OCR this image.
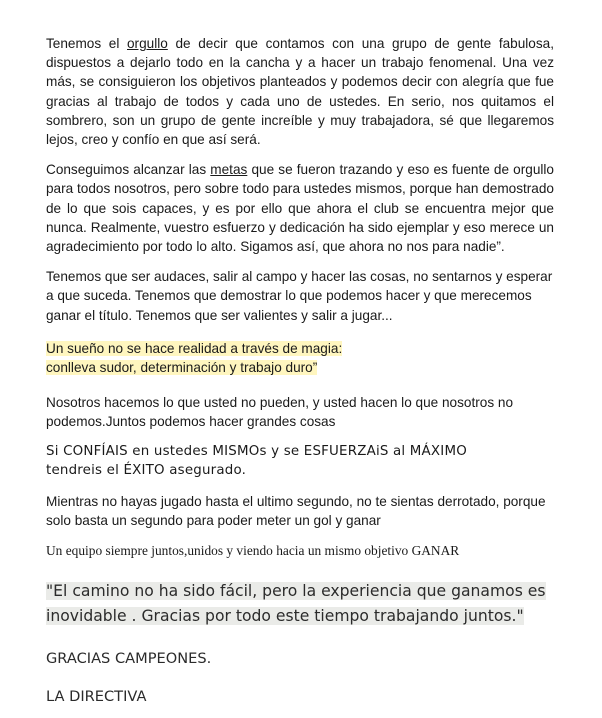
Tenemos el orgullo de decir que contamos con una grupo de gente fabulosa, dispuestos a dejarlo todo en la cancha y a hacer un trabajo fenomenal. Una vez más, se consiguieron los objetivos planteados y podemos decir con alegría que fue gracias al trabajo de todos y cada uno de ustedes. En serio, nos quitamos el sombrero, son un grupo de gente increíble y muy trabajadora, sé que llegaremos lejos, creo y confío en que así será.

Conseguimos alcanzar las metas que se fueron trazando y eso es fuente de orgullo para todos nosotros, pero sobre todo para ustedes mismos, porque han demostrado de lo que sois capaces, y es por ello que ahora el club se encuentra mejor que nunca. Realmente, vuestro esfuerzo y dedicación ha sido ejemplar y eso merece un agradecimiento por todo lo alto. Sigamos así, que ahora no nos para nadie”.

Tenemos que ser audaces, salir al campo y hacer las cosas, no sentarnos y esperar a que suceda. Tenemos que demostrar lo que podemos hacer y que merecemos ganar el título. Tenemos que ser valientes y salir a jugar...

Un sueño no se hace realidad a través de magia:
conlleva sudor, determinación y trabajo duro”
Nosotros hacemos lo que usted no pueden, y usted hacen lo que nosotros no
podemos.Juntos podemos hacer grandes cosas
Si CONFÍAIS en ustedes MISMOs y se ESFUERZAiS al MÁXIMO
tendreis el ÉXITO asegurado.
Mientras no hayas jugado hasta el ultimo segundo, no te sientas derrotado, porque
solo basta un segundo para poder meter un gol y ganar

Un equipo siempre juntos,unidos y viendo hacia un mismo objetivo GANAR

"El camino no ha sido fácil, pero la experiencia que ganamos es
inovidable . Gracias por todo este tiempo trabajando juntos."

GRACIAS CAMPEONES.

LA DIRECTIVA
